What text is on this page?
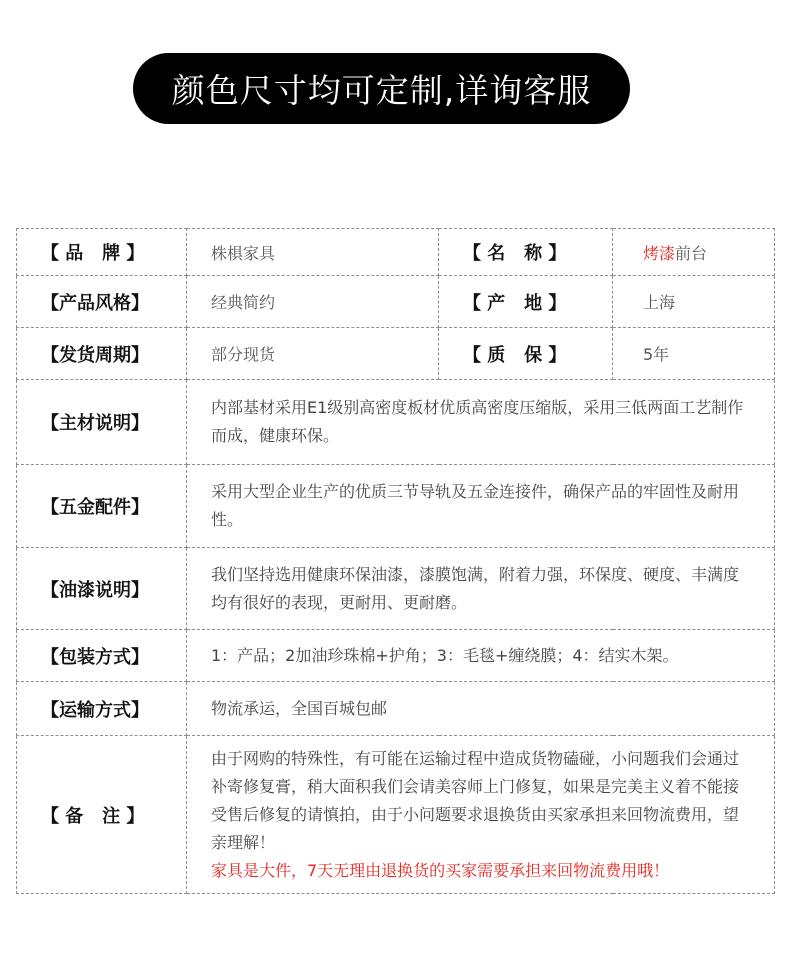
颜色尺寸均可定制,详询客服
【 品   牌 】	株椇家具	【 名   称 】	烤漆前台
【产品风格】	经典简约	【 产   地 】	上海
【发货周期】	部分现货	【 质   保 】	5年
【主材说明】	内部基材采用E1级别高密度板材优质高密度压缩版，采用三低两面工艺制作而成，健康环保。		
【五金配件】	采用大型企业生产的优质三节导轨及五金连接件，确保产品的牢固性及耐用性。		
【油漆说明】	我们坚持选用健康环保油漆，漆膜饱满，附着力强，环保度、硬度、丰满度均有很好的表现，更耐用、更耐磨。		
【包装方式】	1：产品；2加油珍珠棉+护角；3：毛毯+缠绕膜；4：结实木架。		
【运输方式】	物流承运，全国百城包邮		
【 备   注 】	由于网购的特殊性，有可能在运输过程中造成货物磕碰，小问题我们会通过补寄修复膏，稍大面积我们会请美容师上门修复，如果是完美主义着不能接受售后修复的请慎拍，由于小问题要求退换货由买家承担来回物流费用，望亲理解！
家具是大件，7天无理由退换货的买家需要承担来回物流费用哦！		
